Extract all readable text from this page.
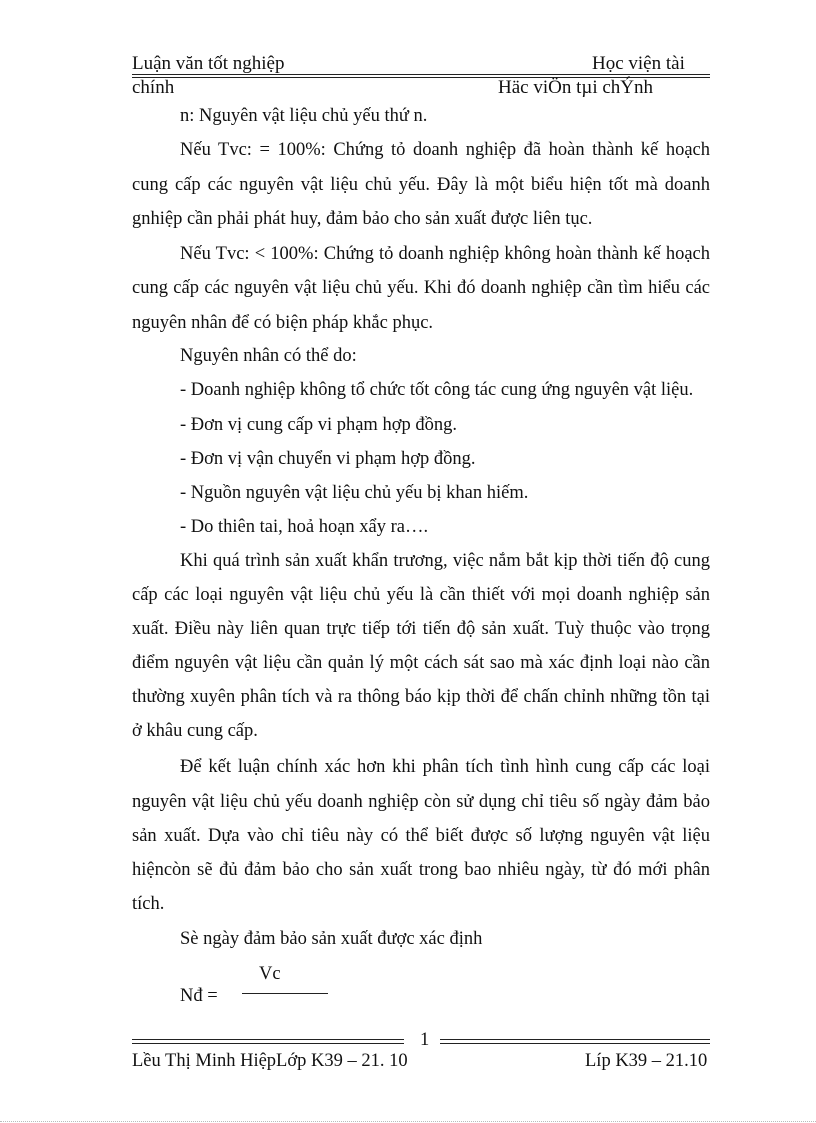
Luận văn tốt nghiệp	Học viện tài
chính	Häc viÖn tµi chÝnh
n: Nguyên vật liệu chủ yếu thứ n.
Nếu Tvc: = 100%: Chứng tỏ doanh nghiệp đã hoàn thành kế hoạch
cung cấp các nguyên vật liệu chủ yếu. Đây là một biểu hiện tốt mà doanh
gnhiệp cần phải phát huy, đảm bảo cho sản xuất được liên tục.
Nếu Tvc: < 100%: Chứng tỏ doanh nghiệp không hoàn thành kế hoạch
cung cấp các nguyên vật liệu chủ yếu. Khi đó doanh nghiệp cần tìm hiểu các
nguyên nhân để có biện pháp khắc phục.
Nguyên nhân có thể do:
- Doanh nghiệp không tổ chức tốt công tác cung ứng nguyên vật liệu.
- Đơn vị cung cấp vi phạm hợp đồng.
- Đơn vị vận chuyển vi phạm hợp đồng.
- Nguồn nguyên vật liệu chủ yếu bị khan hiếm.
- Do thiên tai, hoả hoạn xẩy ra….
Khi quá trình sản xuất khẩn trương, việc nắm bắt kịp thời tiến độ cung
cấp các loại nguyên vật liệu chủ yếu là cần thiết với mọi doanh nghiệp sản
xuất. Điều này liên quan trực tiếp tới tiến độ sản xuất. Tuỳ thuộc vào trọng
điểm nguyên vật liệu cần quản lý một cách sát sao mà xác định loại nào cần
thường xuyên phân tích và ra thông báo kịp thời để chấn chỉnh những tồn tại
ở khâu cung cấp.
Để kết luận chính xác hơn khi phân tích tình hình cung cấp các loại
nguyên vật liệu chủ yếu doanh nghiệp còn sử dụng chỉ tiêu số ngày đảm bảo
sản xuất. Dựa vào chỉ tiêu này có thể biết được số lượng nguyên vật liệu
hiệncòn sẽ đủ đảm bảo cho sản xuất trong bao nhiêu ngày, từ đó mới phân
tích.
Sè ngày đảm bảo sản xuất được xác định
Vc
Nđ =
1
Lều Thị Minh HiệpLớp K39 – 21. 10	Líp K39 – 21.10
